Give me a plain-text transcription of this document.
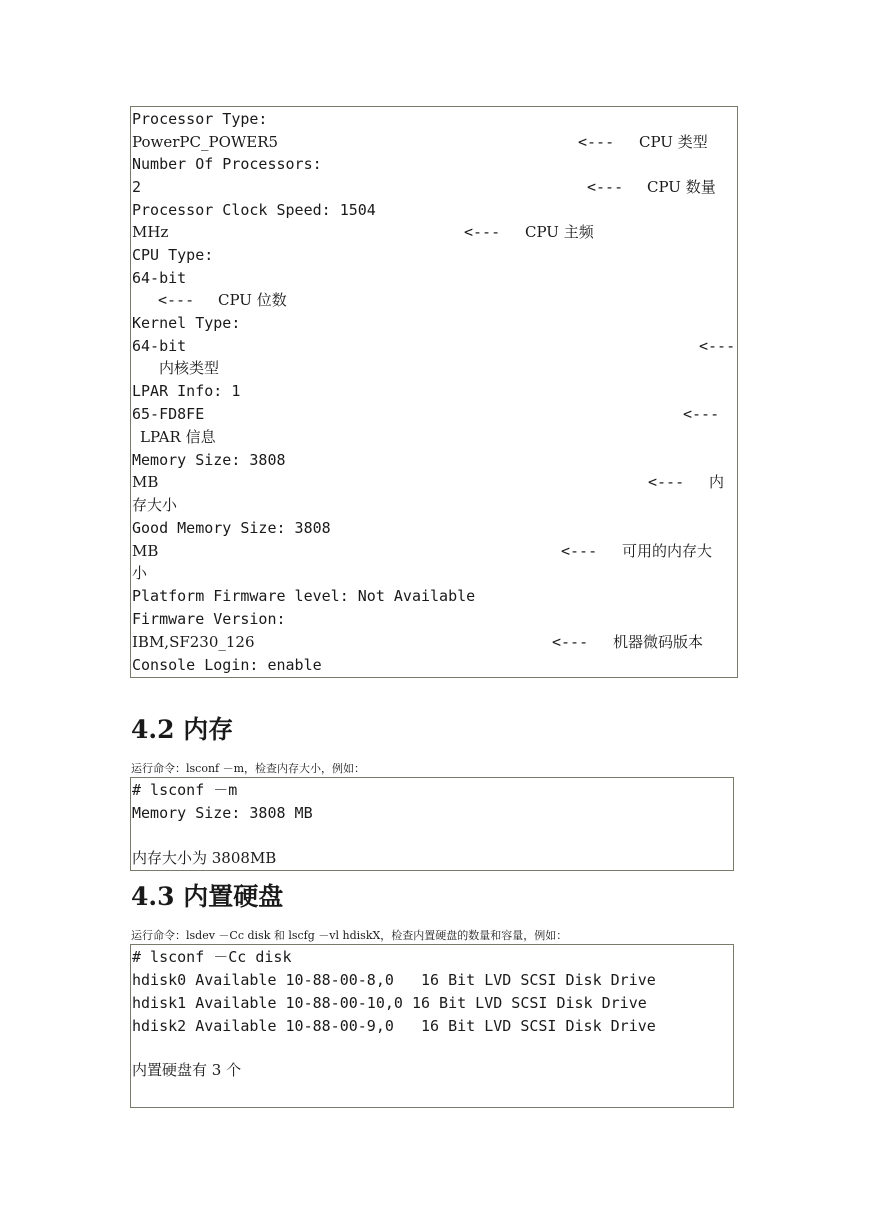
Processor Type:
PowerPC_POWER5	<--- CPU 类型
Number Of Processors:
2	<--- CPU 数量
Processor Clock Speed: 1504
MHz	<--- CPU 主频
CPU Type:
64-bit
<--- CPU 位数
Kernel Type:
64-bit	<---
内核类型
LPAR Info: 1
65-FD8FE	<---
LPAR 信息
Memory Size: 3808
MB	<--- 内
存大小
Good Memory Size: 3808
MB	<--- 可用的内存大
小
Platform Firmware level: Not Available
Firmware Version:
IBM,SF230_126	<--- 机器微码版本
Console Login: enable
4.2 内存
运行命令：lsconf －m，检查内存大小，例如：
# lsconf －m
Memory Size: 3808 MB
内存大小为 3808MB
4.3 内置硬盘
运行命令：lsdev －Cc disk 和 lscfg －vl hdiskX，检查内置硬盘的数量和容量，例如：
# lsconf －Cc disk
hdisk0 Available 10-88-00-8,0   16 Bit LVD SCSI Disk Drive
hdisk1 Available 10-88-00-10,0 16 Bit LVD SCSI Disk Drive
hdisk2 Available 10-88-00-9,0   16 Bit LVD SCSI Disk Drive
内置硬盘有 3 个
